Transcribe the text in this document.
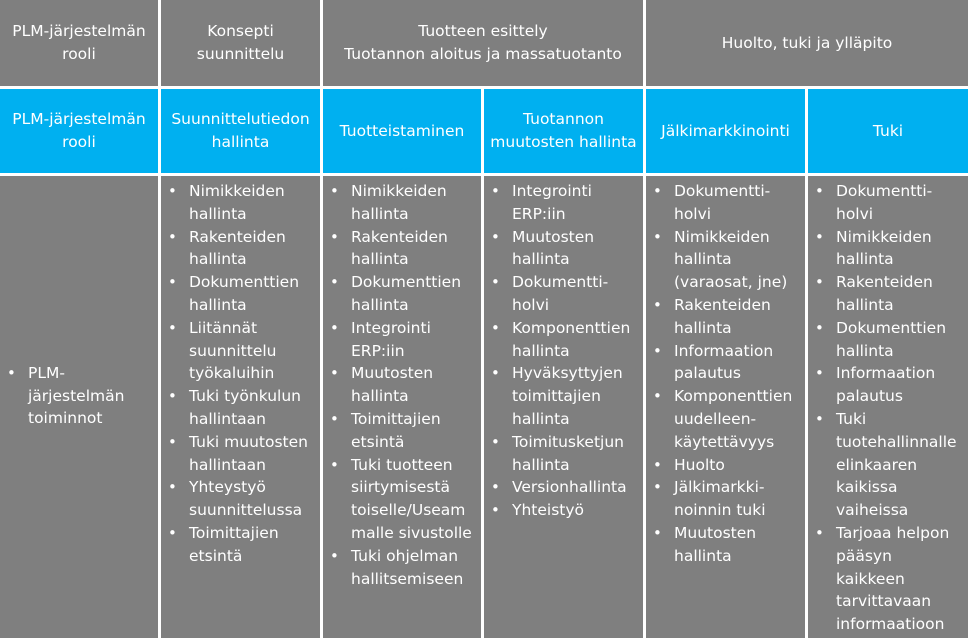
PLM-järjestelmän
rooli
Konsepti
suunnittelu
Tuotteen esittely
Tuotannon aloitus ja massatuotanto
Huolto, tuki ja ylläpito
PLM-järjestelmän
rooli
Suunnittelutiedon
hallinta
Tuotteistaminen
Tuotannon
muutosten hallinta
Jälkimarkkinointi	Tuki
• PLM-
järjestelmän
toiminnot
• Nimikkeiden
hallinta
• Rakenteiden
hallinta
• Dokumenttien
hallinta
• Liitännät
suunnittelu
työkaluihin
• Tuki työnkulun
hallintaan
• Tuki muutosten
hallintaan
• Yhteystyö
suunnittelussa
• Toimittajien
etsintä
• Nimikkeiden
hallinta
• Rakenteiden
hallinta
• Dokumenttien
hallinta
• Integrointi
ERP:iin
• Muutosten
hallinta
• Toimittajien
etsintä
• Tuki tuotteen
siirtymisestä
toiselle/Useam
malle sivustolle
• Tuki ohjelman
hallitsemiseen
• Integrointi
ERP:iin
• Muutosten
hallinta
• Dokumentti-
holvi
• Komponenttien
hallinta
• Hyväksyttyjen
toimittajien
hallinta
• Toimitusketjun
hallinta
• Versionhallinta
• Yhteistyö
• Dokumentti-
holvi
• Nimikkeiden
hallinta
(varaosat, jne)
• Rakenteiden
hallinta
• Informaation
palautus
• Komponenttien
uudelleen-
käytettävyys
• Huolto
• Jälkimarkki-
noinnin tuki
• Muutosten
hallinta
• Dokumentti-
holvi
• Nimikkeiden
hallinta
• Rakenteiden
hallinta
• Dokumenttien
hallinta
• Informaation
palautus
• Tuki
tuotehallinnalle
elinkaaren
kaikissa
vaiheissa
• Tarjoaa helpon
pääsyn
kaikkeen
tarvittavaan
informaatioon
